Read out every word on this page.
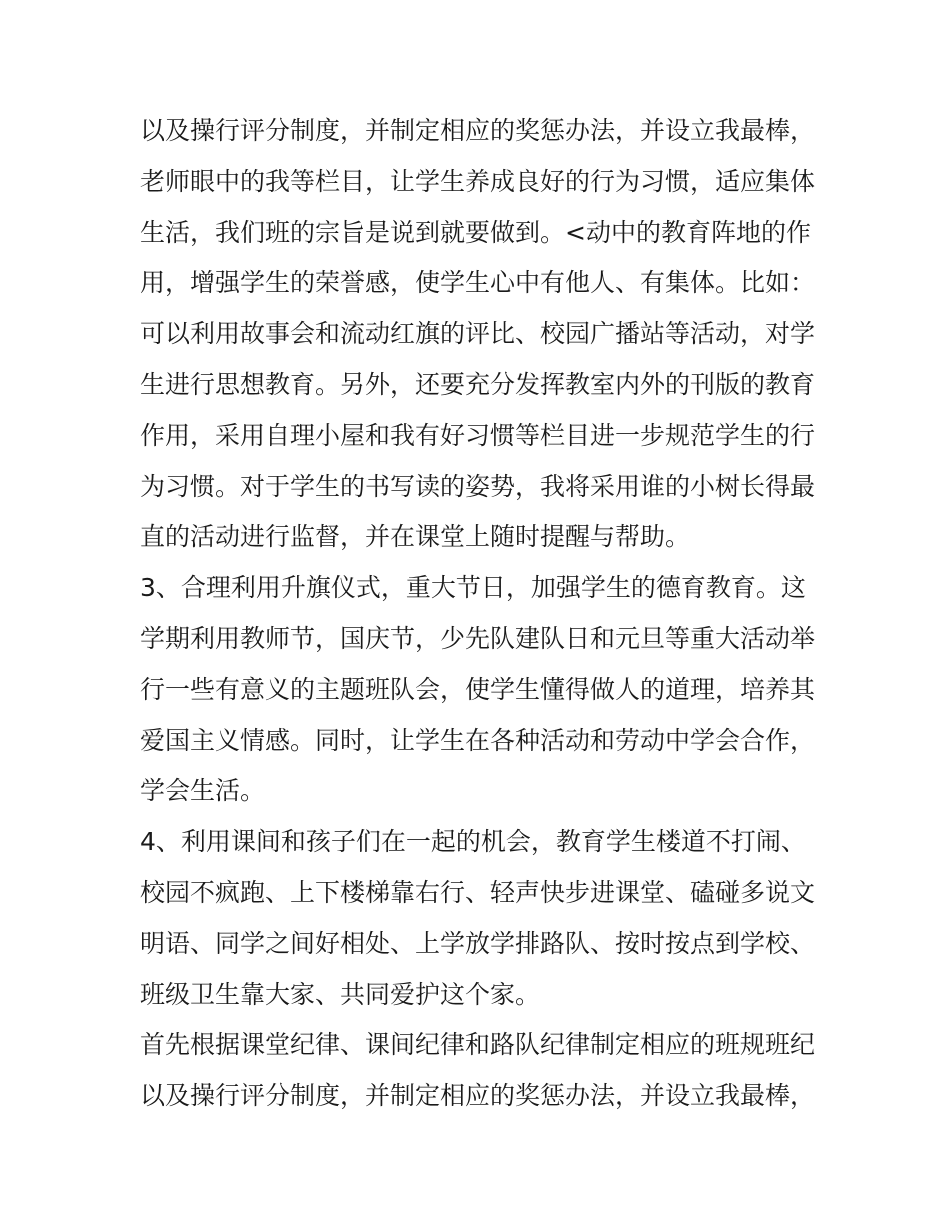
以及操行评分制度，并制定相应的奖惩办法，并设立我最棒，
老师眼中的我等栏目，让学生养成良好的行为习惯，适应集体
生活，我们班的宗旨是说到就要做到。<动中的教育阵地的作
用，增强学生的荣誉感，使学生心中有他人、有集体。比如：
可以利用故事会和流动红旗的评比、校园广播站等活动，对学
生进行思想教育。另外，还要充分发挥教室内外的刊版的教育
作用，采用自理小屋和我有好习惯等栏目进一步规范学生的行
为习惯。对于学生的书写读的姿势，我将采用谁的小树长得最
直的活动进行监督，并在课堂上随时提醒与帮助。

3、合理利用升旗仪式，重大节日，加强学生的德育教育。这
学期利用教师节，国庆节，少先队建队日和元旦等重大活动举
行一些有意义的主题班队会，使学生懂得做人的道理，培养其
爱国主义情感。同时，让学生在各种活动和劳动中学会合作，
学会生活。

4、利用课间和孩子们在一起的机会，教育学生楼道不打闹、
校园不疯跑、上下楼梯靠右行、轻声快步进课堂、磕碰多说文
明语、同学之间好相处、上学放学排路队、按时按点到学校、
班级卫生靠大家、共同爱护这个家。

首先根据课堂纪律、课间纪律和路队纪律制定相应的班规班纪
以及操行评分制度，并制定相应的奖惩办法，并设立我最棒，
